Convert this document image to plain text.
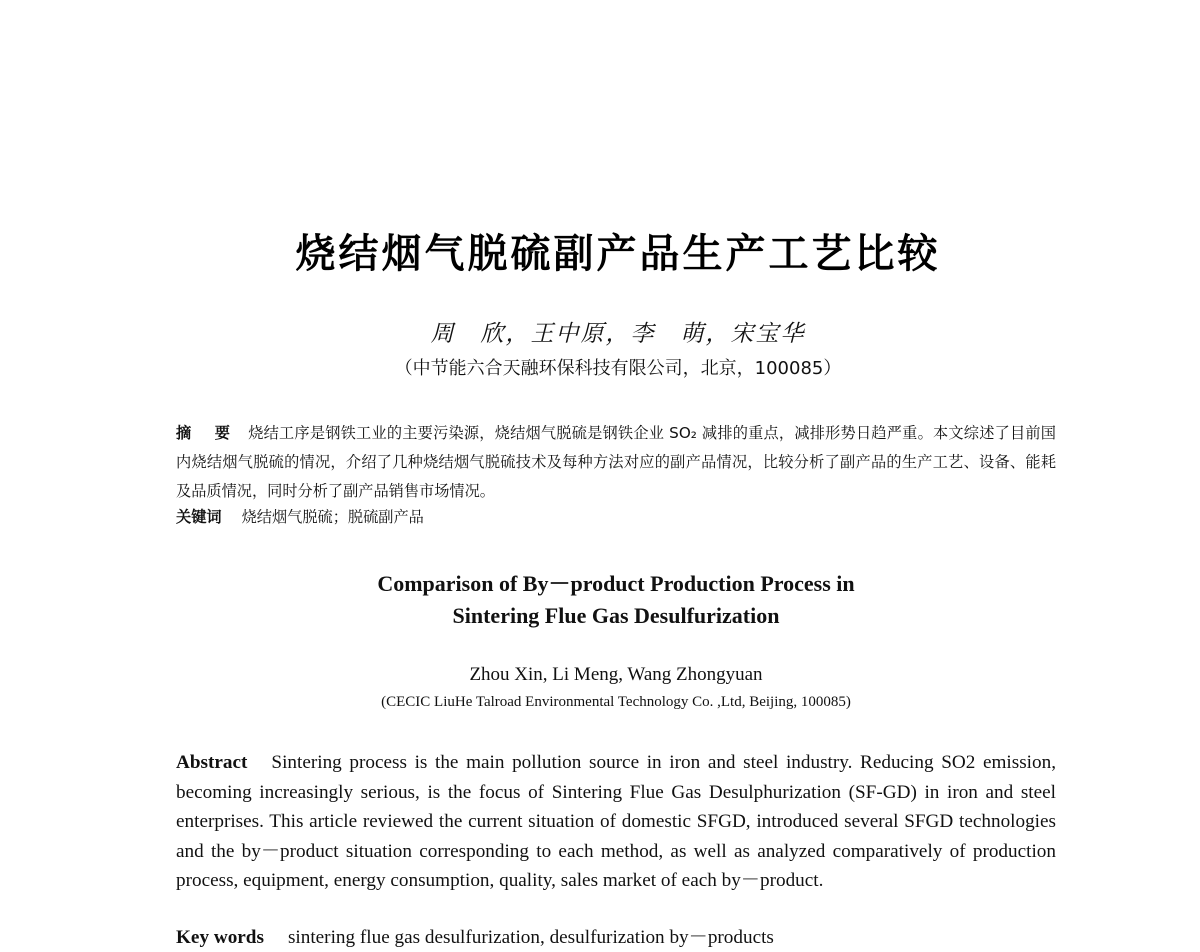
烧结烟气脱硫副产品生产工艺比较
周　欣，王中原，李　萌，宋宝华
（中节能六合天融环保科技有限公司，北京，100085）
摘　要 烧结工序是钢铁工业的主要污染源，烧结烟气脱硫是钢铁企业 SO₂ 减排的重点，减排形势日趋严重。本文综述了目前国内烧结烟气脱硫的情况，介绍了几种烧结烟气脱硫技术及每种方法对应的副产品情况，比较分析了副产品的生产工艺、设备、能耗及品质情况，同时分析了副产品销售市场情况。
关键词 烧结烟气脱硫；脱硫副产品
Comparison of By－product Production Process in
Sintering Flue Gas Desulfurization
Zhou Xin, Li Meng, Wang Zhongyuan
(CECIC LiuHe Talroad Environmental Technology Co. ,Ltd, Beijing, 100085)
Abstract Sintering process is the main pollution source in iron and steel industry. Reducing SO2 emission, becoming increasingly serious, is the focus of Sintering Flue Gas Desulphurization (SF-GD) in iron and steel enterprises. This article reviewed the current situation of domestic SFGD, introduced several SFGD technologies and the by－product situation corresponding to each method, as well as analyzed comparatively of production process, equipment, energy consumption, quality, sales market of each by－product.
Key words sintering flue gas desulfurization, desulfurization by－products
